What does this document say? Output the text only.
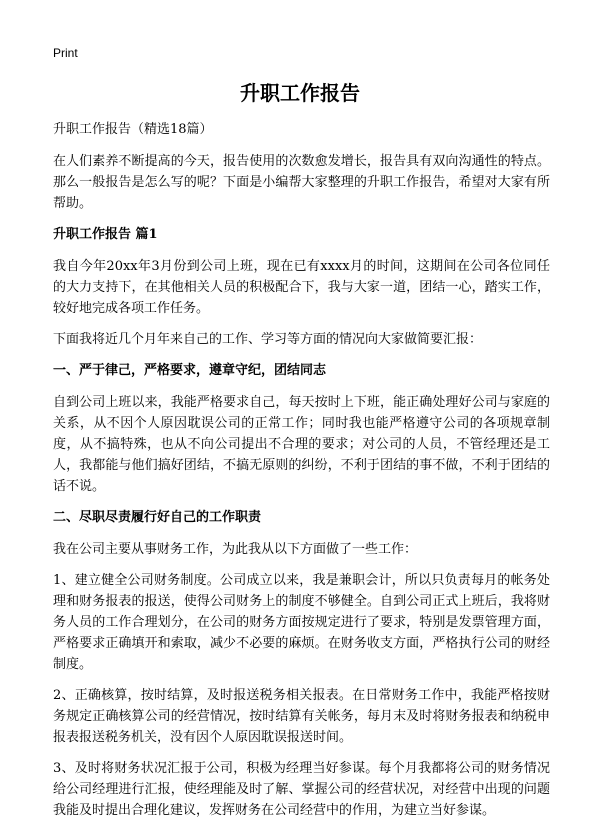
Print
升职工作报告

升职工作报告（精选18篇）

在人们素养不断提高的今天，报告使用的次数愈发增长，报告具有双向沟通性的特点。那么一般报告是怎么写的呢？下面是小编帮大家整理的升职工作报告，希望对大家有所帮助。

升职工作报告 篇1

我自今年20xx年3月份到公司上班，现在已有xxxx月的时间，这期间在公司各位同任的大力支持下，在其他相关人员的积极配合下，我与大家一道，团结一心，踏实工作，较好地完成各项工作任务。

下面我将近几个月年来自己的工作、学习等方面的情况向大家做简要汇报：

一、严于律己，严格要求，遵章守纪，团结同志

自到公司上班以来，我能严格要求自己，每天按时上下班，能正确处理好公司与家庭的关系，从不因个人原因耽误公司的正常工作；同时我也能严格遵守公司的各项规章制度，从不搞特殊，也从不向公司提出不合理的要求；对公司的人员，不管经理还是工人，我都能与他们搞好团结，不搞无原则的纠纷，不利于团结的事不做，不利于团结的话不说。

二、尽职尽责履行好自己的工作职责

我在公司主要从事财务工作，为此我从以下方面做了一些工作：

1、建立健全公司财务制度。公司成立以来，我是兼职会计，所以只负责每月的帐务处理和财务报表的报送，使得公司财务上的制度不够健全。自到公司正式上班后，我将财务人员的工作合理划分，在公司的财务方面按规定进行了要求，特别是发票管理方面，严格要求正确填开和索取，减少不必要的麻烦。在财务收支方面，严格执行公司的财经制度。

2、正确核算，按时结算，及时报送税务相关报表。在日常财务工作中，我能严格按财务规定正确核算公司的经营情况，按时结算有关帐务，每月末及时将财务报表和纳税申报表报送税务机关，没有因个人原因耽误报送时间。

3、及时将财务状况汇报于公司，积极为经理当好参谋。每个月我都将公司的财务情况给公司经理进行汇报，使经理能及时了解、掌握公司的经营状况，对经营中出现的问题我能及时提出合理化建议，发挥财务在公司经营中的作用，为建立当好参谋。
